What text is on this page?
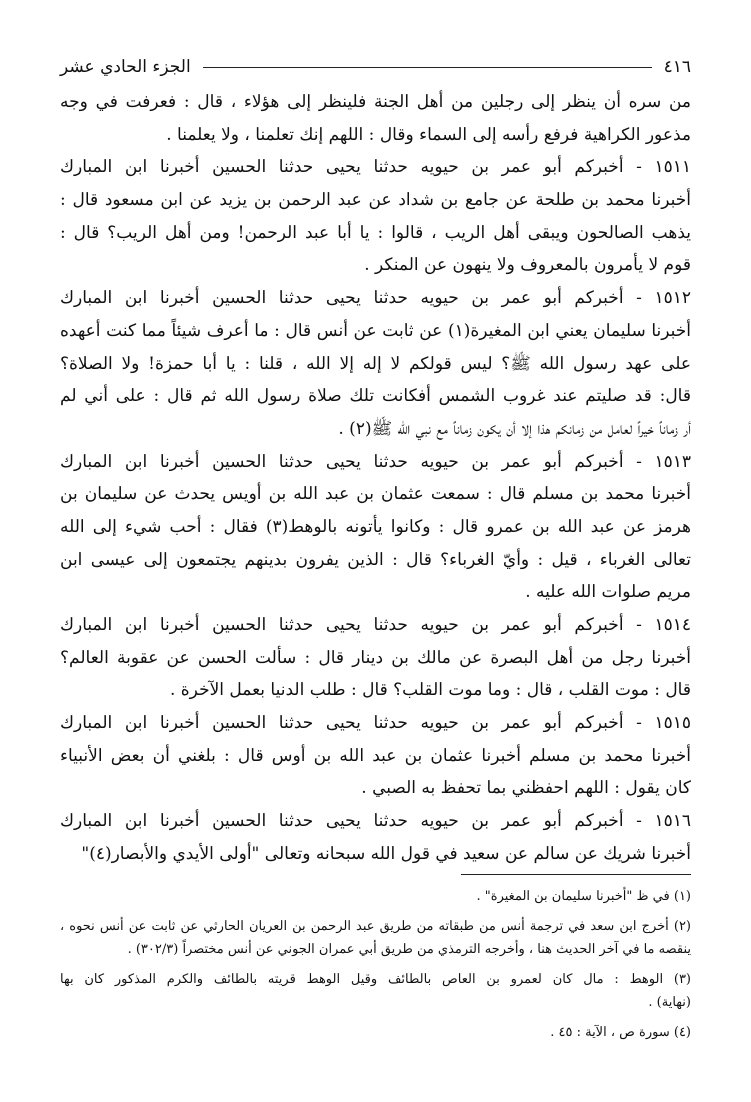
٤١٦
الجزء الحادي عشر
من سره أن ينظر إلى رجلين من أهل الجنة فلينظر إلى هؤلاء ، قال : فعرفت في وجه
مذعور الكراهية فرفع رأسه إلى السماء وقال : اللهم إنك تعلمنا ، ولا يعلمنا .
١٥١١ - أخبركم أبو عمر بن حيويه حدثنا يحيى حدثنا الحسين أخبرنا ابن المبارك
أخبرنا محمد بن طلحة عن جامع بن شداد عن عبد الرحمن بن يزيد عن ابن مسعود قال :
يذهب الصالحون ويبقى أهل الريب ، قالوا : يا أبا عبد الرحمن! ومن أهل الريب؟ قال :
قوم لا يأمرون بالمعروف ولا ينهون عن المنكر .
١٥١٢ - أخبركم أبو عمر بن حيويه حدثنا يحيى حدثنا الحسين أخبرنا ابن المبارك
أخبرنا سليمان يعني ابن المغيرة(١) عن ثابت عن أنس قال : ما أعرف شيئاً مما كنت أعهده
على عهد رسول الله ﷺ؟ ليس قولكم لا إله إلا الله ، قلنا : يا أبا حمزة! ولا الصلاة؟
قال: قد صليتم عند غروب الشمس أفكانت تلك صلاة رسول الله ثم قال : على أني لم
أر زماناً خيراً لعامل من زمانكم هذا إلا أن يكون زماناً مع نبي الله ﷺ(٢) .
١٥١٣ - أخبركم أبو عمر بن حيويه حدثنا يحيى حدثنا الحسين أخبرنا ابن المبارك
أخبرنا محمد بن مسلم قال : سمعت عثمان بن عبد الله بن أويس يحدث عن سليمان بن
هرمز عن عبد الله بن عمرو قال : وكانوا يأتونه بالوهط(٣) فقال : أحب شيء إلى الله
تعالى الغرباء ، قيل : وأيّ الغرباء؟ قال : الذين يفرون بدينهم يجتمعون إلى عيسى ابن
مريم صلوات الله عليه .
١٥١٤ - أخبركم أبو عمر بن حيويه حدثنا يحيى حدثنا الحسين أخبرنا ابن المبارك
أخبرنا رجل من أهل البصرة عن مالك بن دينار قال : سألت الحسن عن عقوبة العالم؟
قال : موت القلب ، قال : وما موت القلب؟ قال : طلب الدنيا بعمل الآخرة .
١٥١٥ - أخبركم أبو عمر بن حيويه حدثنا يحيى حدثنا الحسين أخبرنا ابن المبارك
أخبرنا محمد بن مسلم أخبرنا عثمان بن عبد الله بن أوس قال : بلغني أن بعض الأنبياء
كان يقول : اللهم احفظني بما تحفظ به الصبي .
١٥١٦ - أخبركم أبو عمر بن حيويه حدثنا يحيى حدثنا الحسين أخبرنا ابن المبارك
أخبرنا شريك عن سالم عن سعيد في قول الله سبحانه وتعالى "أولى الأيدي والأبصار(٤)"
(١) في ظ "أخبرنا سليمان بن المغيرة" .
(٢) أخرج ابن سعد في ترجمة أنس من طبقاته من طريق عبد الرحمن بن العريان الحارثي عن ثابت عن أنس نحوه ،
ينقصه ما في آخر الحديث هنا ، وأخرجه الترمذي من طريق أبي عمران الجوني عن أنس مختصراً (٣٠٢/٣) .
(٣) الوهط : مال كان لعمرو بن العاص بالطائف وقيل الوهط قريته بالطائف والكرم المذكور كان بها
(نهاية) .
(٤) سورة ص ، الآية : ٤٥ .
